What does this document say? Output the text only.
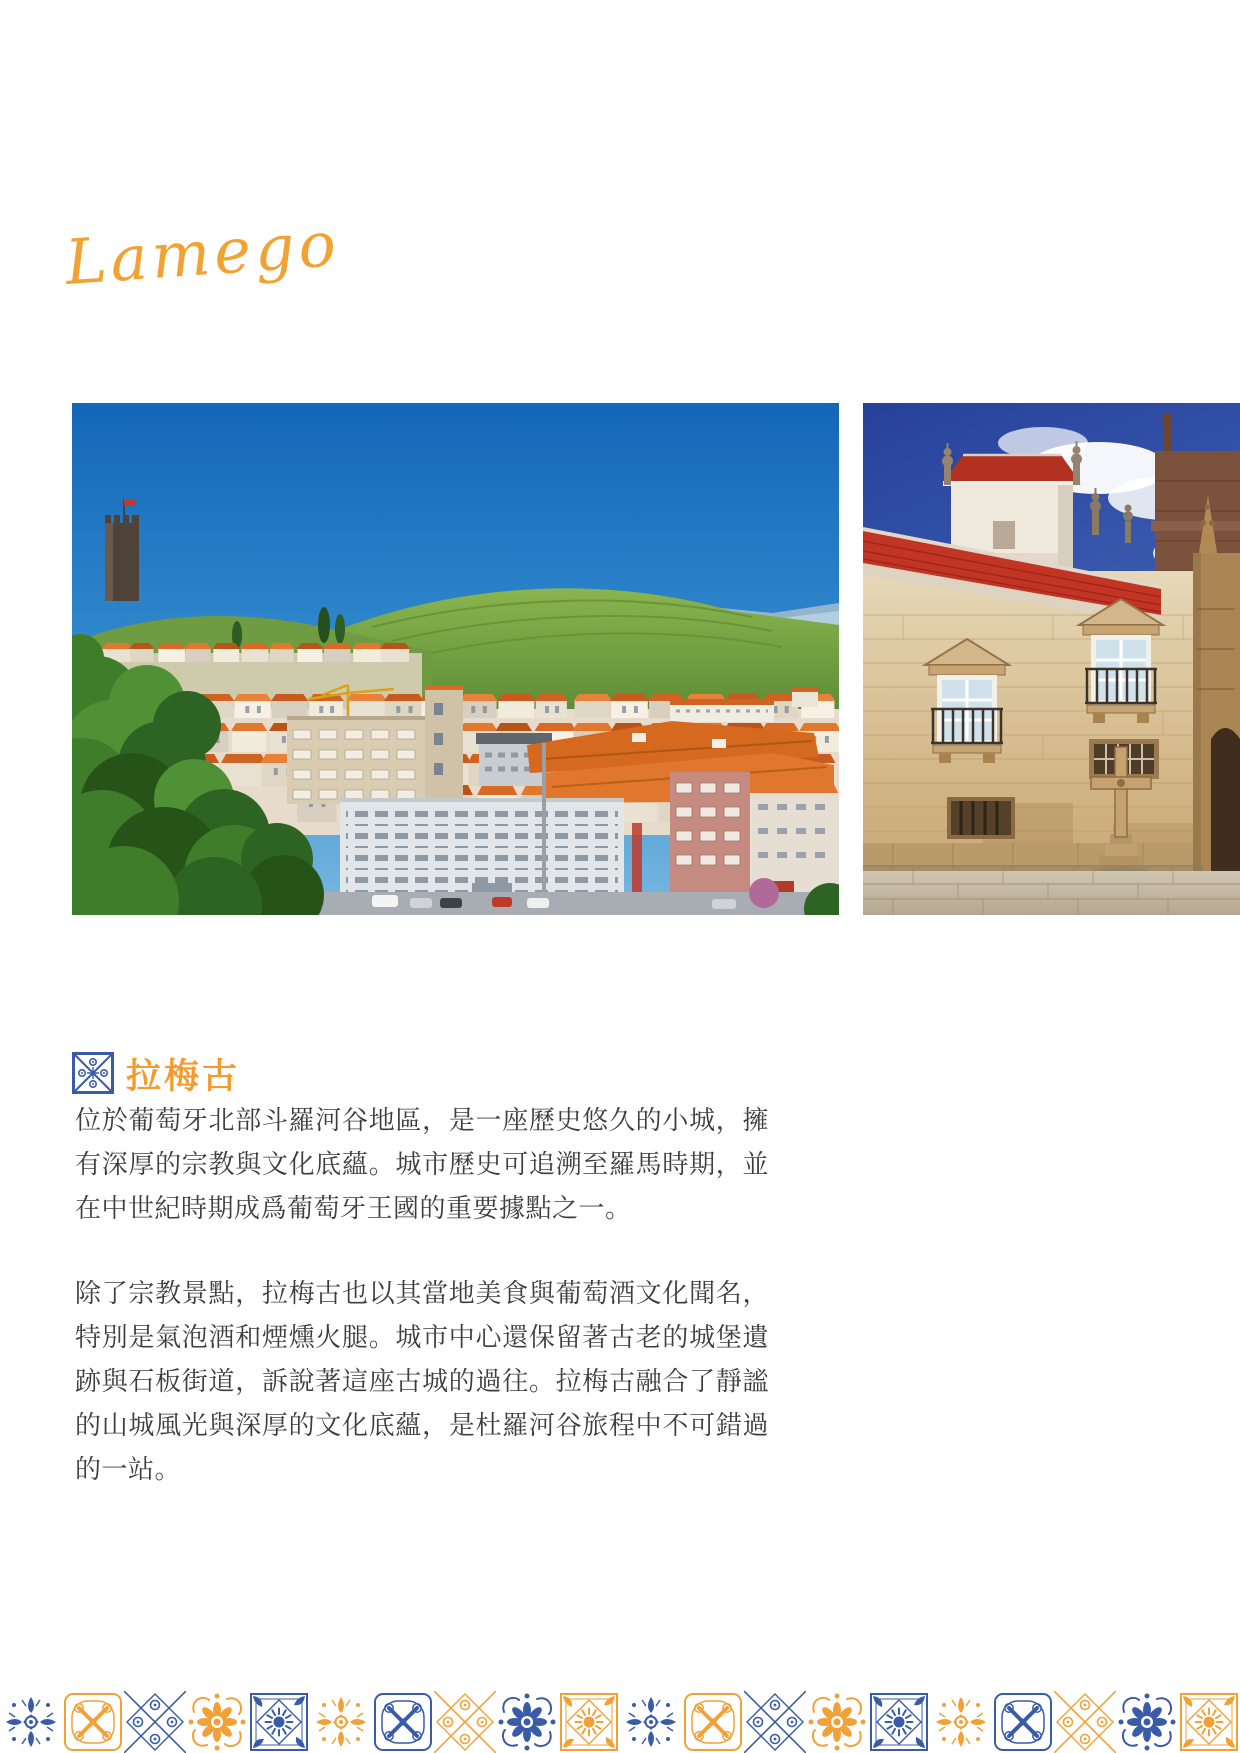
Lamego
拉梅古
位於葡萄牙北部斗羅河谷地區，是一座歷史悠久的小城，擁有深厚的宗教與文化底蘊。城市歷史可追溯至羅馬時期，並在中世紀時期成爲葡萄牙王國的重要據點之一。
除了宗教景點，拉梅古也以其當地美食與葡萄酒文化聞名，特別是氣泡酒和煙燻火腿。城市中心還保留著古老的城堡遺跡與石板街道，訴說著這座古城的過往。拉梅古融合了靜謐的山城風光與深厚的文化底蘊，是杜羅河谷旅程中不可錯過的一站。
